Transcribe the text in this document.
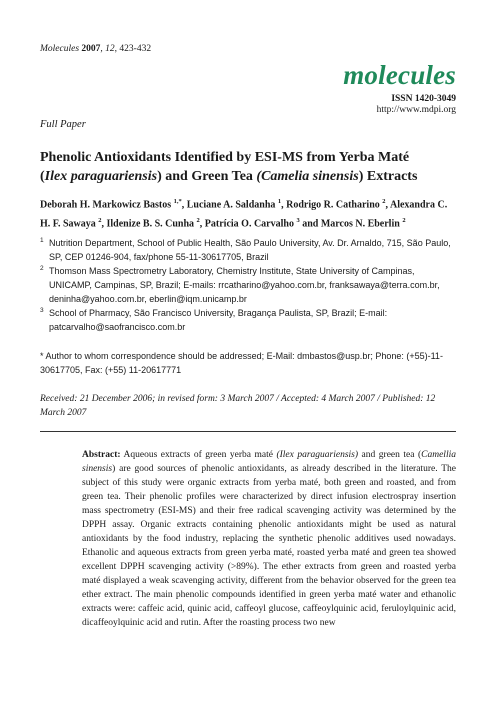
Molecules 2007, 12, 423-432
molecules
ISSN 1420-3049
http://www.mdpi.org
Full Paper
Phenolic Antioxidants Identified by ESI-MS from Yerba Maté
(Ilex paraguariensis) and Green Tea (Camelia sinensis) Extracts
Deborah H. Markowicz Bastos $^{1,*}$, Luciane A. Saldanha $^1$, Rodrigo R. Catharino $^2$, Alexandra C. H. F. Sawaya $^2$, Ildenize B. S. Cunha $^2$, Patrícia O. Carvalho $^3$ and Marcos N. Eberlin $^2$
1 Nutrition Department, School of Public Health, São Paulo University, Av. Dr. Arnaldo, 715, São Paulo, SP, CEP 01246-904, fax/phone 55-11-30617705, Brazil
2 Thomson Mass Spectrometry Laboratory, Chemistry Institute, State University of Campinas, UNICAMP, Campinas, SP, Brazil; E-mails: rrcatharino@yahoo.com.br, franksawaya@terra.com.br, deninha@yahoo.com.br, eberlin@iqm.unicamp.br
3 School of Pharmacy, São Francisco University, Bragança Paulista, SP, Brazil; E-mail: patcarvalho@saofrancisco.com.br
* Author to whom correspondence should be addressed; E-Mail: dmbastos@usp.br; Phone: (+55)-11-30617705, Fax: (+55) 11-20617771
Received: 21 December 2006; in revised form: 3 March 2007 / Accepted: 4 March 2007 / Published: 12 March 2007
Abstract: Aqueous extracts of green yerba maté (Ilex paraguariensis) and green tea (Camellia sinensis) are good sources of phenolic antioxidants, as already described in the literature. The subject of this study were organic extracts from yerba maté, both green and roasted, and from green tea. Their phenolic profiles were characterized by direct infusion electrospray insertion mass spectrometry (ESI-MS) and their free radical scavenging activity was determined by the DPPH assay. Organic extracts containing phenolic antioxidants might be used as natural antioxidants by the food industry, replacing the synthetic phenolic additives used nowadays. Ethanolic and aqueous extracts from green yerba maté, roasted yerba maté and green tea showed excellent DPPH scavenging activity (>89%). The ether extracts from green and roasted yerba maté displayed a weak scavenging activity, different from the behavior observed for the green tea ether extract. The main phenolic compounds identified in green yerba maté water and ethanolic extracts were: caffeic acid, quinic acid, caffeoyl glucose, caffeoylquinic acid, feruloylquinic acid, dicaffeoylquinic acid and rutin. After the roasting process two new
